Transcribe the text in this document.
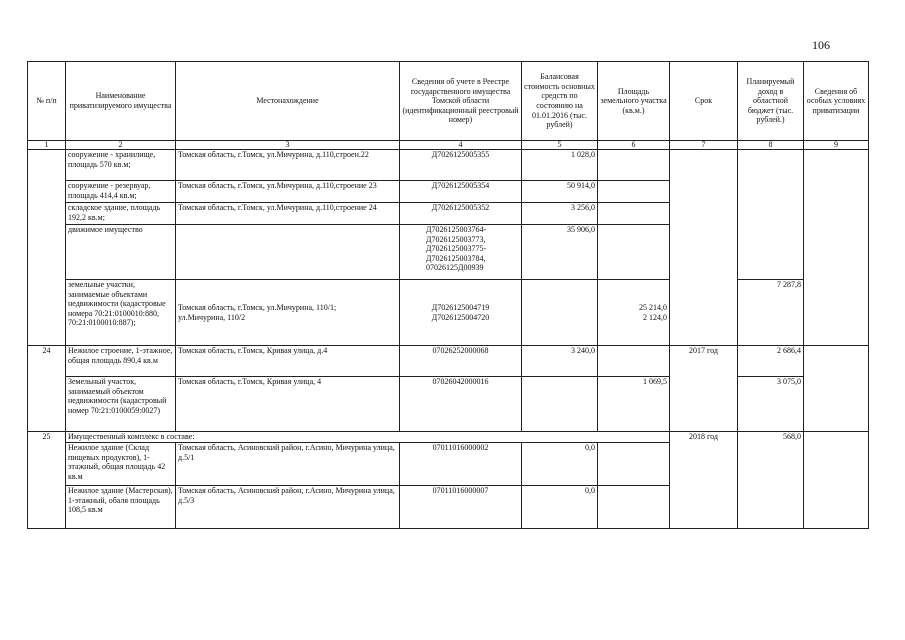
106
№ п/п	Наименование приватизируемого имущества	Местонахождение	Сведения об учете в Реестре государственного имущества Томской области (идентификационный реестровый номер)	Балансовая стоимость основных средств по состоянию на 01.01.2016 (тыс. рублей)	Площадь земельного участка (кв.м.)	Срок	Планируемый доход в областной бюджет (тыс. рублей.)	Сведения об особых условиях приватизации
1	2	3	4	5	6	7	8	9
	сооружение - хранилище, площадь 570 кв.м;	Томская область, г.Томск, ул.Мичурина, д.110,строен.22	Д7026125005355	1 028,0				
	сооружение - резервуар, площадь 414,4 кв.м;	Томская область, г.Томск, ул.Мичурина, д.110,строение 23	Д7026125005354	50 914,0				
	складское здание, площадь 192,2 кв.м;	Томская область, г.Томск, ул.Мичурина, д.110,строение 24	Д7026125005352	3 256,0				
	движимое имущество		Д7026125003764-
Д7026125003773,
Д7026125003775-
Д7026125003784,
07026125Д00939	35 906,0				
	земельные участки, занимаемые объектами недвижимости (кадастровые номера 70:21:0100010:880, 70:21:0100010:887);	Томская область, г.Томск, ул.Мичурина, 110/1;
ул.Мичурина, 110/2	Д7026125004719
Д7026125004720		25 214,0
2 124,0		7 287,8	
24	Нежилое строение, 1-этажное, общая площадь 890,4 кв.м	Томская область, г.Томск, Кривая улица, д.4	07026252000068	3 240,0		2017 год	2 686,4	
	Земельный участок, занимаемый объектом недвижимости (кадастровый номер 70:21:0100059:0027)	Томская область, г.Томск, Кривая улица, 4	07026042000016		1 069,5		3 075,0	
25	Имущественный комплекс в составе:					2018 год	568,0	
	Нежилое здание (Склад пищевых продуктов), 1-этажный, общая площадь 42 кв.м	Томская область, Асиновский район, г.Асино, Мичурина улица, д.5/1	07011016000002	0,0				
	Нежилое здание (Мастерская), 1-этажный, обаля площадь 108,5 кв.м	Томская область, Асиновский район, г.Асино, Мичурина улица, д.5/3	07011016000007	0,0				
